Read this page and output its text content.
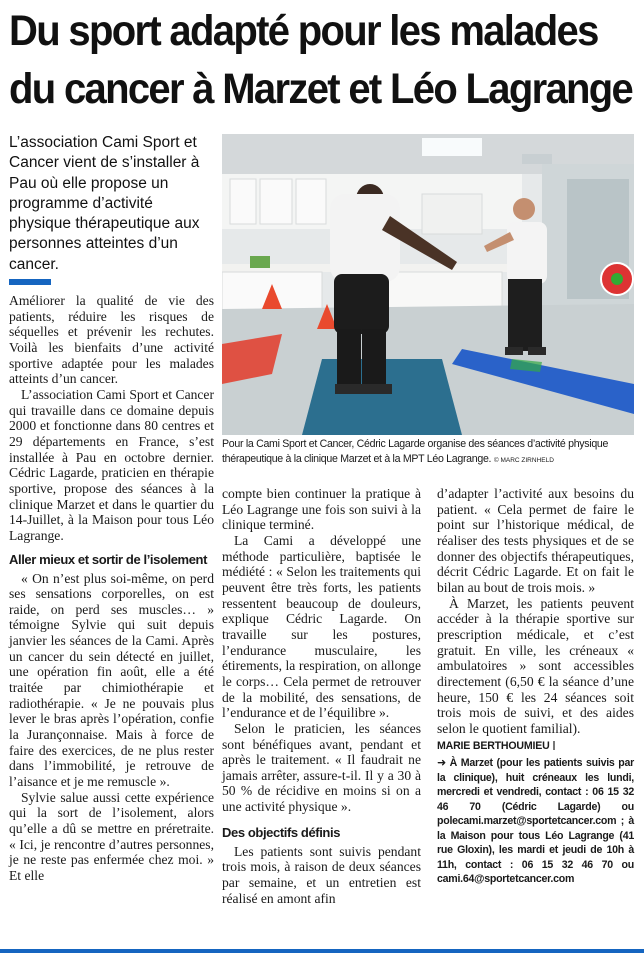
Du sport adapté pour les malades
du cancer à Marzet et Léo Lagrange
L’association Cami Sport et Cancer vient de s’installer à Pau où elle propose un programme d’activité physique thérapeutique aux personnes atteintes d’un cancer.

Améliorer la qualité de vie des patients, réduire les risques de séquelles et prévenir les rechutes. Voilà les bienfaits d’une activité sportive adaptée pour les malades atteints d’un cancer.

L’association Cami Sport et Cancer qui travaille dans ce domaine depuis 2000 et fonctionne dans 80 centres et 29 départements en France, s’est installée à Pau en octobre dernier. Cédric Lagarde, praticien en thérapie sportive, propose des séances à la clinique Marzet et dans le quartier du 14-Juillet, à la Maison pour tous Léo Lagrange.

Aller mieux et sortir de l’isolement

« On n’est plus soi-même, on perd ses sensations corporelles, on est raide, on perd ses muscles… » témoigne Sylvie qui suit depuis janvier les séances de la Cami. Après un cancer du sein détecté en juillet, une opération fin août, elle a été traitée par chimiothérapie et radiothérapie. « Je ne pouvais plus lever le bras après l’opération, confie la Jurançonnaise. Mais à force de faire des exercices, de ne plus rester dans l’immobilité, je retrouve de l’aisance et je me remuscle ».

Sylvie salue aussi cette expérience qui la sort de l’isolement, alors qu’elle a dû se mettre en préretraite. « Ici, je rencontre d’autres personnes, je ne reste pas enfermée chez moi. » Et elle

Pour la Cami Sport et Cancer, Cédric Lagarde organise des séances d’activité physique thérapeutique à la clinique Marzet et à la MPT Léo Lagrange. © MARC ZIRNHELD

compte bien continuer la pratique à Léo Lagrange une fois son suivi à la clinique terminé.

La Cami a développé une méthode particulière, baptisée le médiété : « Selon les traitements qui peuvent être très forts, les patients ressentent beaucoup de douleurs, explique Cédric Lagarde. On travaille sur les postures, l’endurance musculaire, les étirements, la respiration, on allonge le corps… Cela permet de retrouver de la mobilité, des sensations, de l’endurance et de l’équilibre ».

Selon le praticien, les séances sont bénéfiques avant, pendant et après le traitement. « Il faudrait ne jamais arrêter, assure-t-il. Il y a 30 à 50 % de récidive en moins si on a une activité physique ».

Des objectifs définis

Les patients sont suivis pendant trois mois, à raison de deux séances par semaine, et un entretien est réalisé en amont afin

d’adapter l’activité aux besoins du patient. « Cela permet de faire le point sur l’historique médical, de réaliser des tests physiques et de se donner des objectifs thérapeutiques, décrit Cédric Lagarde. Et on fait le bilan au bout de trois mois. »

À Marzet, les patients peuvent accéder à la thérapie sportive sur prescription médicale, et c’est gratuit. En ville, les créneaux « ambulatoires » sont accessibles directement (6,50 € la séance d’une heure, 150 € les 24 séances soit trois mois de suivi, et des aides selon le quotient familial).

MARIE BERTHOUMIEU
➜ À Marzet (pour les patients suivis par la clinique), huit créneaux les lundi, mercredi et vendredi, contact : 06 15 32 46 70 (Cédric Lagarde) ou polecami.marzet@sportetcancer.com ; à la Maison pour tous Léo Lagrange (41 rue Gloxin), les mardi et jeudi de 10h à 11h, contact : 06 15 32 46 70 ou cami.64@sportetcancer.com
